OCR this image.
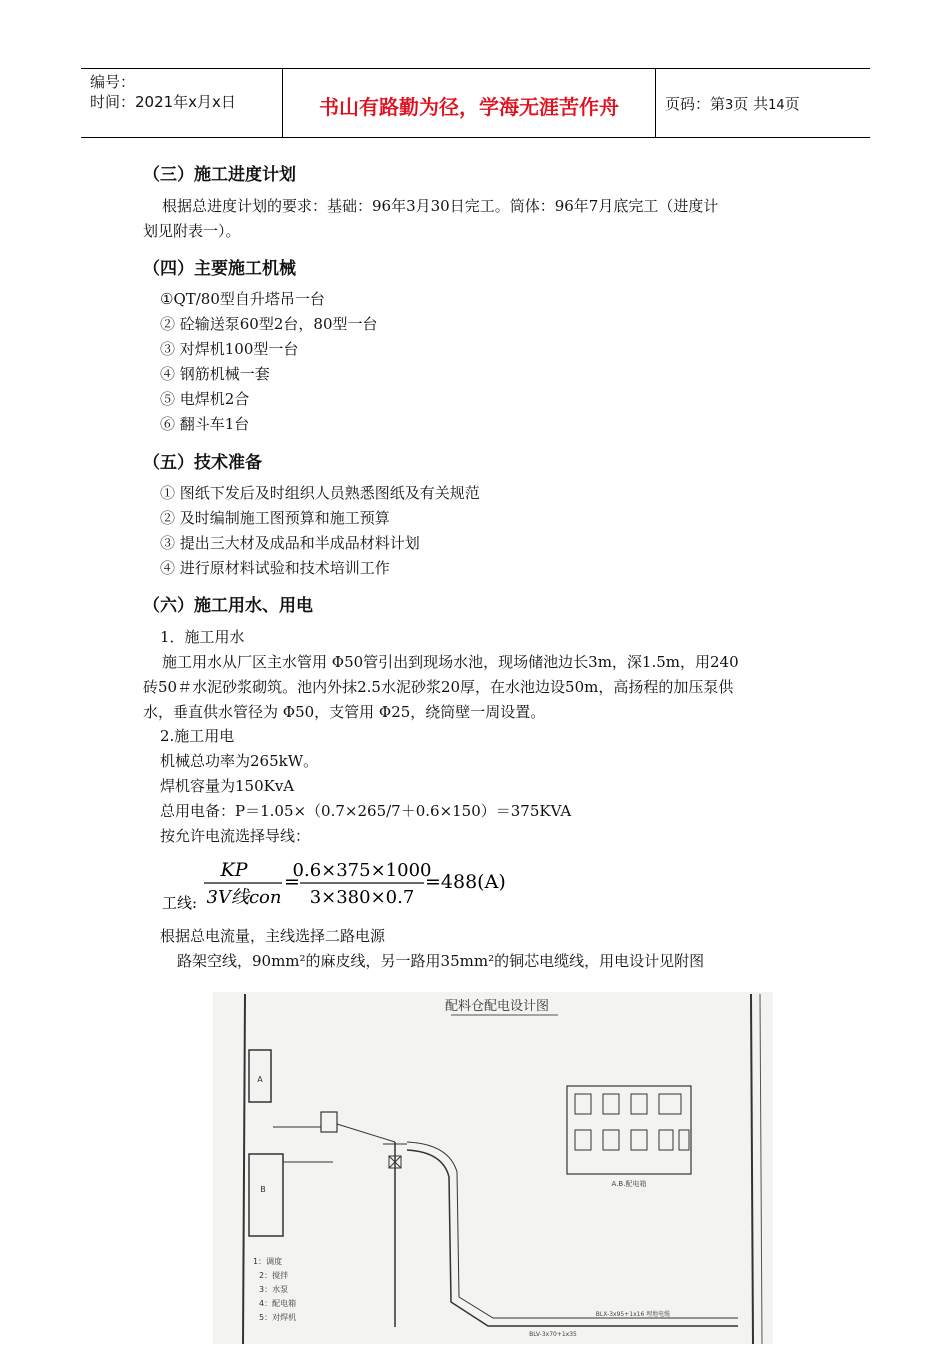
编号：
时间：2021年x月x日	书山有路勤为径，学海无涯苦作舟	页码：第3页 共14页
（三）施工进度计划
根据总进度计划的要求：基础：96年3月30日完工。筒体：96年7月底完工（进度计
划见附表一）。
（四）主要施工机械
①QT/80型自升塔吊一台
② 砼输送泵60型2台，80型一台
③ 对焊机100型一台
④ 钢筋机械一套
⑤ 电焊机2合
⑥ 翻斗车1台
（五）技术准备
① 图纸下发后及时组织人员熟悉图纸及有关规范
② 及时编制施工图预算和施工预算
③ 提出三大材及成品和半成品材料计划
④ 进行原材料试验和技术培训工作
（六）施工用水、用电
1．施工用水
施工用水从厂区主水管用 Φ50管引出到现场水池，现场储池边长3m，深1.5m，用240
砖50＃水泥砂浆砌筑。池内外抹2.5水泥砂浆20厚，在水池边设50m，高扬程的加压泵供
水，垂直供水管径为 Φ50，支管用 Φ25，绕筒壁一周设置。
2.施工用电
机械总功率为265kW。
焊机容量为150KvA
总用电备：P＝1.05×（0.7×265/7＋0.6×150）＝375KVA
按允许电流选择导线：
工线:
KP
3V线con
=
0.6×375×1000
3×380×0.7
=488(A)
根据总电流量，主线选择二路电源
路架空线，90mm²的麻皮线，另一路用35mm²的铜芯电缆线，用电设计见附图
配料仓配电设计图
A
B
BLX-3x95+1x16 埋地电缆
BLV-3x70+1x35
A.B.配电箱
1：调度
2：搅拌
3：水泵
4：配电箱
5：对焊机
